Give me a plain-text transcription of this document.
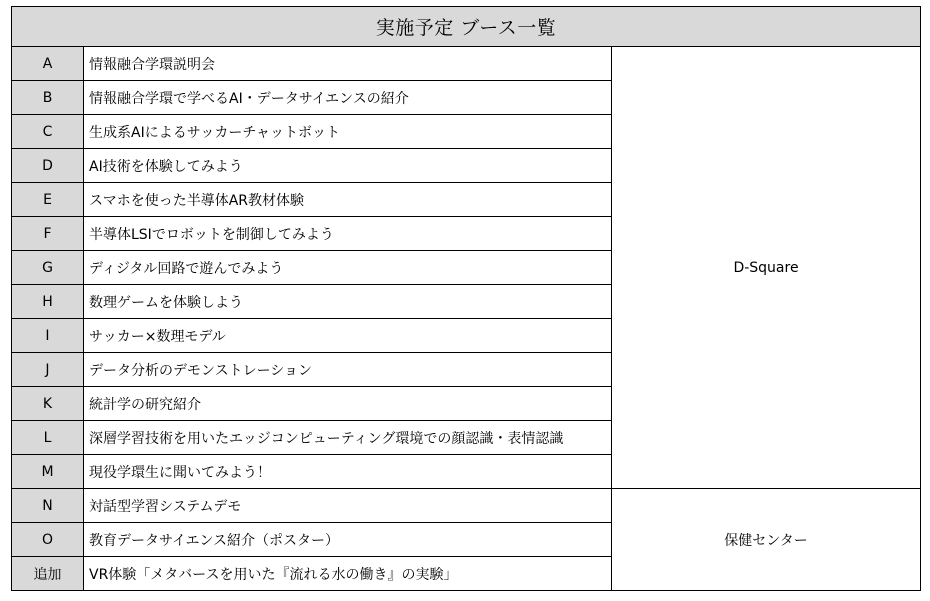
実施予定 ブース一覧		
A	情報融合学環説明会	D-Square
B	情報融合学環で学べるAI・データサイエンスの紹介	
C	生成系AIによるサッカーチャットボット	
D	AI技術を体験してみよう	
E	スマホを使った半導体AR教材体験	
F	半導体LSIでロボットを制御してみよう	
G	ディジタル回路で遊んでみよう	
H	数理ゲームを体験しよう	
I	サッカー×数理モデル	
J	データ分析のデモンストレーション	
K	統計学の研究紹介	
L	深層学習技術を用いたエッジコンピューティング環境での顔認識・表情認識	
M	現役学環生に聞いてみよう！	
N	対話型学習システムデモ	保健センター
O	教育データサイエンス紹介（ポスター）	
追加	VR体験「メタバースを用いた『流れる水の働き』の実験」	
